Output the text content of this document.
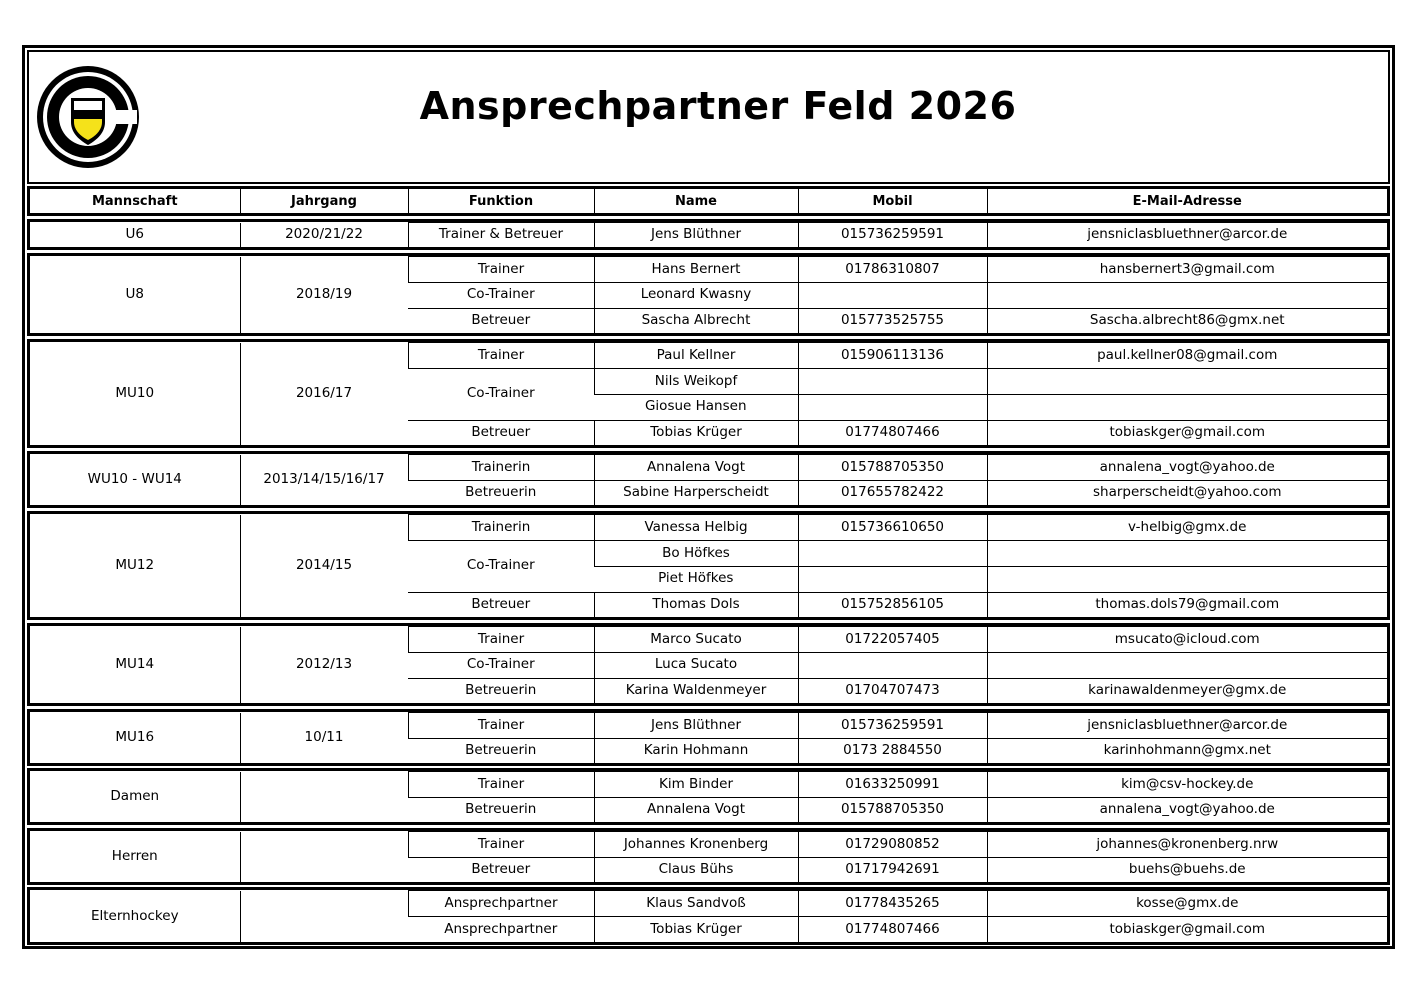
Ansprechpartner Feld 2026
Mannschaft	Jahrgang	Funktion	Name	Mobil	E-Mail-Adresse
U6	2020/21/22	Trainer & Betreuer	Jens Blüthner	015736259591	jensniclasbluethner@arcor.de
U8	2018/19	Trainer	Hans Bernert	01786310807	hansbernert3@gmail.com
		Co-Trainer	Leonard Kwasny		
		Betreuer	Sascha Albrecht	015773525755	Sascha.albrecht86@gmx.net
MU10	2016/17	Trainer	Paul Kellner	015906113136	paul.kellner08@gmail.com
		Co-Trainer	Nils Weikopf		
			Giosue Hansen		
		Betreuer	Tobias Krüger	01774807466	tobiaskger@gmail.com
WU10 - WU14	2013/14/15/16/17	Trainerin	Annalena Vogt	015788705350	annalena_vogt@yahoo.de
		Betreuerin	Sabine Harperscheidt	017655782422	sharperscheidt@yahoo.com
MU12	2014/15	Trainerin	Vanessa Helbig	015736610650	v-helbig@gmx.de
		Co-Trainer	Bo Höfkes		
			Piet Höfkes		
		Betreuer	Thomas Dols	015752856105	thomas.dols79@gmail.com
MU14	2012/13	Trainer	Marco Sucato	01722057405	msucato@icloud.com
		Co-Trainer	Luca Sucato		
		Betreuerin	Karina Waldenmeyer	01704707473	karinawaldenmeyer@gmx.de
MU16	10/11	Trainer	Jens Blüthner	015736259591	jensniclasbluethner@arcor.de
		Betreuerin	Karin Hohmann	0173 2884550	karinhohmann@gmx.net
Damen		Trainer	Kim Binder	01633250991	kim@csv-hockey.de
		Betreuerin	Annalena Vogt	015788705350	annalena_vogt@yahoo.de
Herren		Trainer	Johannes Kronenberg	01729080852	johannes@kronenberg.nrw
		Betreuer	Claus Bühs	01717942691	buehs@buehs.de
Elternhockey		Ansprechpartner	Klaus Sandvoß	01778435265	kosse@gmx.de
		Ansprechpartner	Tobias Krüger	01774807466	tobiaskger@gmail.com
